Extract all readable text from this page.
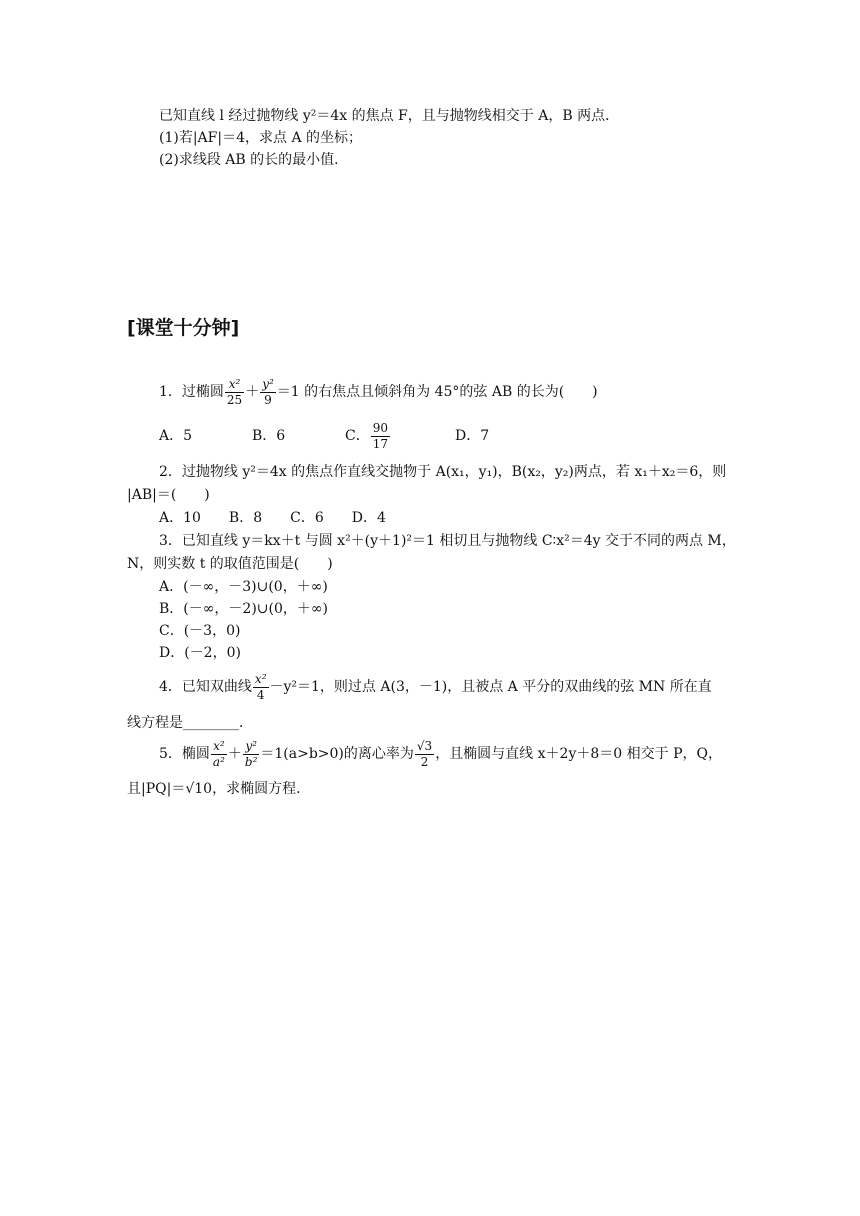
已知直线 l 经过抛物线 y²＝4x 的焦点 F，且与抛物线相交于 A，B 两点．
(1)若|AF|＝4，求点 A 的坐标；
(2)求线段 AB 的长的最小值．
[课堂十分钟]
1．过椭圆 $\frac{\text{x²}}{25} + \frac{\text{y²}}{9} =1$ 的右焦点且倾斜角为 45°的弦 AB 的长为(　　)
A．5	B．6	C． $\frac{90}{17}$	D．7
2．过抛物线 y²＝4x 的焦点作直线交抛物于 A(x₁，y₁)，B(x₂，y₂)两点，若 x₁＋x₂＝6，则
|AB|＝(　　)
A．10　　B．8　　C．6　　D．4
3．已知直线 y＝kx＋t 与圆 x²＋(y＋1)²＝1 相切且与抛物线 C∶x²＝4y 交于不同的两点 M，
N，则实数 t 的取值范围是(　　)
A．(－∞，－3)∪(0，＋∞)
B．(－∞，－2)∪(0，＋∞)
C．(－3，0)
D．(－2，0)
4．已知双曲线 $\frac{\text{x²}}{4} -y^2=1$，则过点 A(3，－1)，且被点 A 平分的双曲线的弦 MN 所在直
线方程是________．
5．椭圆 $\frac{\text{x²}}{\text{a²}} + \frac{\text{y²}}{\text{b²}} =1(a>b>0)$的离心率为 $\frac{√3}{2}$ ，且椭圆与直线 x＋2y＋8＝0 相交于 P，Q，
且|PQ|＝√10，求椭圆方程．
